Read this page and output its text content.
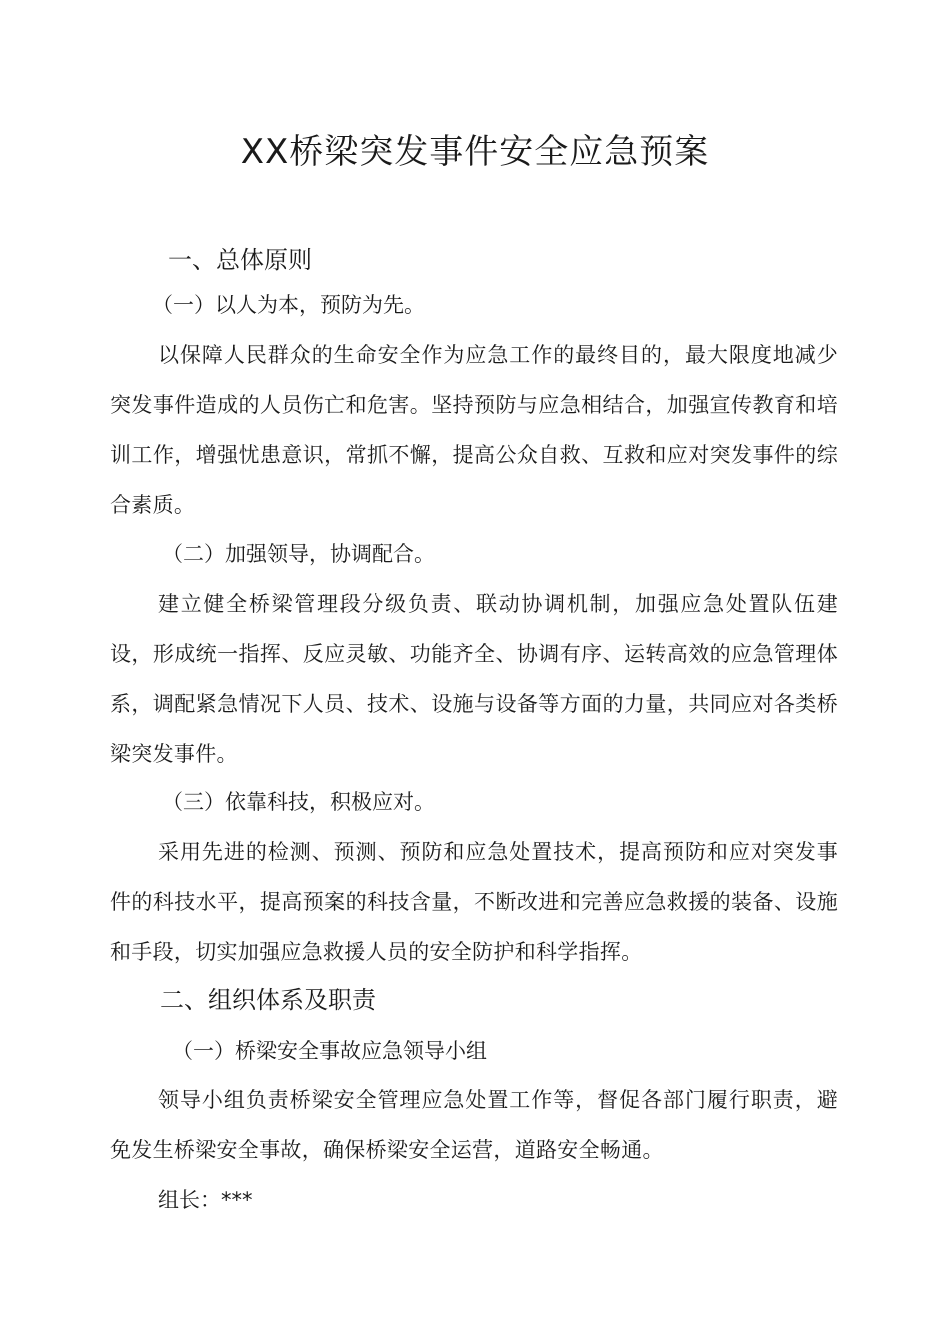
XX桥梁突发事件安全应急预案
一、总体原则
（一）以人为本，预防为先。

以保障人民群众的生命安全作为应急工作的最终目的，最大限度地减少突发事件造成的人员伤亡和危害。坚持预防与应急相结合，加强宣传教育和培训工作，增强忧患意识，常抓不懈，提高公众自救、互救和应对突发事件的综合素质。

（二）加强领导，协调配合。

建立健全桥梁管理段分级负责、联动协调机制，加强应急处置队伍建设，形成统一指挥、反应灵敏、功能齐全、协调有序、运转高效的应急管理体系，调配紧急情况下人员、技术、设施与设备等方面的力量，共同应对各类桥梁突发事件。

（三）依靠科技，积极应对。

采用先进的检测、预测、预防和应急处置技术，提高预防和应对突发事件的科技水平，提高预案的科技含量，不断改进和完善应急救援的装备、设施和手段，切实加强应急救援人员的安全防护和科学指挥。

二、组织体系及职责
（一）桥梁安全事故应急领导小组

领导小组负责桥梁安全管理应急处置工作等，督促各部门履行职责，避免发生桥梁安全事故，确保桥梁安全运营，道路安全畅通。

组长：***
